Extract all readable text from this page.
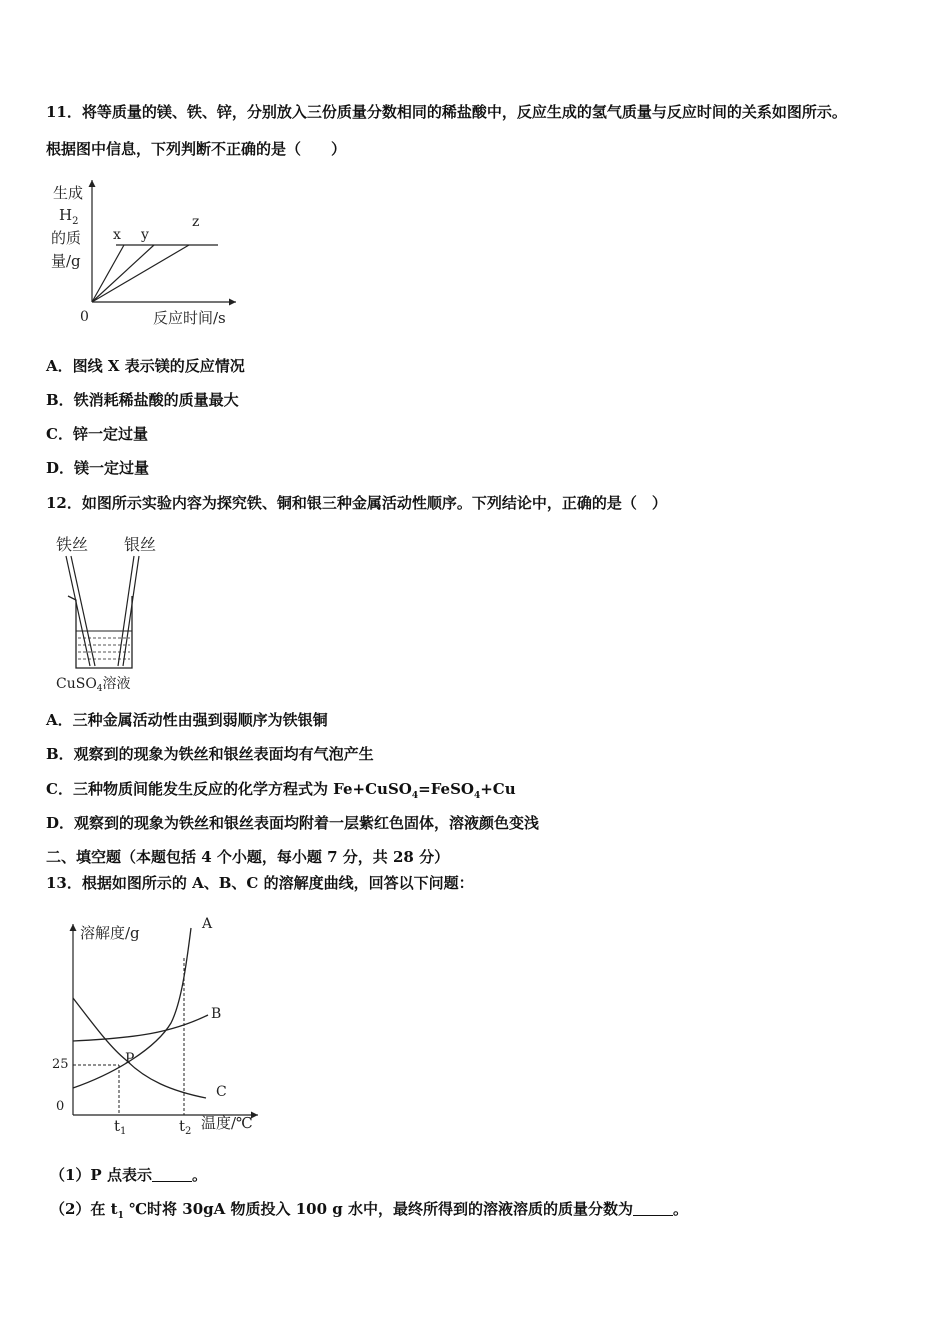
11．将等质量的镁、铁、锌，分别放入三份质量分数相同的稀盐酸中，反应生成的氢气质量与反应时间的关系如图所示。
根据图中信息，下列判断不正确的是（　　）
生成
$H_2$
的质
量/g
0	反应时间/s
x y
z
A．图线 X 表示镁的反应情况
B．铁消耗稀盐酸的质量最大
C．锌一定过量
D．镁一定过量
12．如图所示实验内容为探究铁、铜和银三种金属活动性顺序。下列结论中，正确的是（　）
铁丝 银丝
CuSO$_4$溶液
A．三种金属活动性由强到弱顺序为铁银铜
B．观察到的现象为铁丝和银丝表面均有气泡产生
C．三种物质间能发生反应的化学方程式为 Fe+CuSO$_4$=FeSO$_4$+Cu
D．观察到的现象为铁丝和银丝表面均附着一层紫红色固体，溶液颜色变浅
二、填空题（本题包括 4 个小题，每小题 7 分，共 28 分）
13．根据如图所示的 A、B、C 的溶解度曲线，回答以下问题：
溶解度/g
温度/℃
A
B
C
P
25
0
$t_1$	$t_2$
（1）P 点表示	。
（2）在 $t_1$ ℃时将 30gA 物质投入 100 g 水中，最终所得到的溶液溶质的质量分数为	。
